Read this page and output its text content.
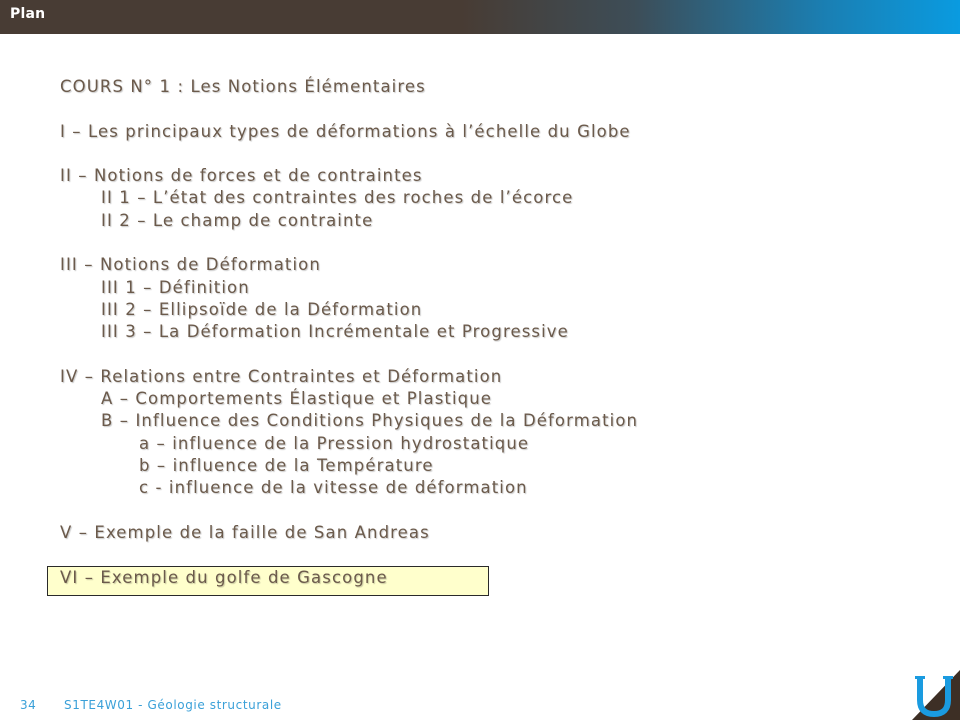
Plan
COURS N° 1 : Les Notions Élémentaires
I – Les principaux types de déformations à l’échelle du Globe
II – Notions de forces et de contraintes
II 1 – L’état des contraintes des roches de l’écorce
II 2 – Le champ de contrainte
III – Notions de Déformation
III 1 – Définition
III 2 – Ellipsoïde de la Déformation
III 3 – La Déformation Incrémentale et Progressive
IV – Relations entre Contraintes et Déformation
A – Comportements Élastique et Plastique
B – Influence des Conditions Physiques de la Déformation
a – influence de la Pression hydrostatique
b – influence de la Température
c - influence de la vitesse de déformation
V – Exemple de la faille de San Andreas
VI – Exemple du golfe de Gascogne
34 S1TE4W01 - Géologie structurale
